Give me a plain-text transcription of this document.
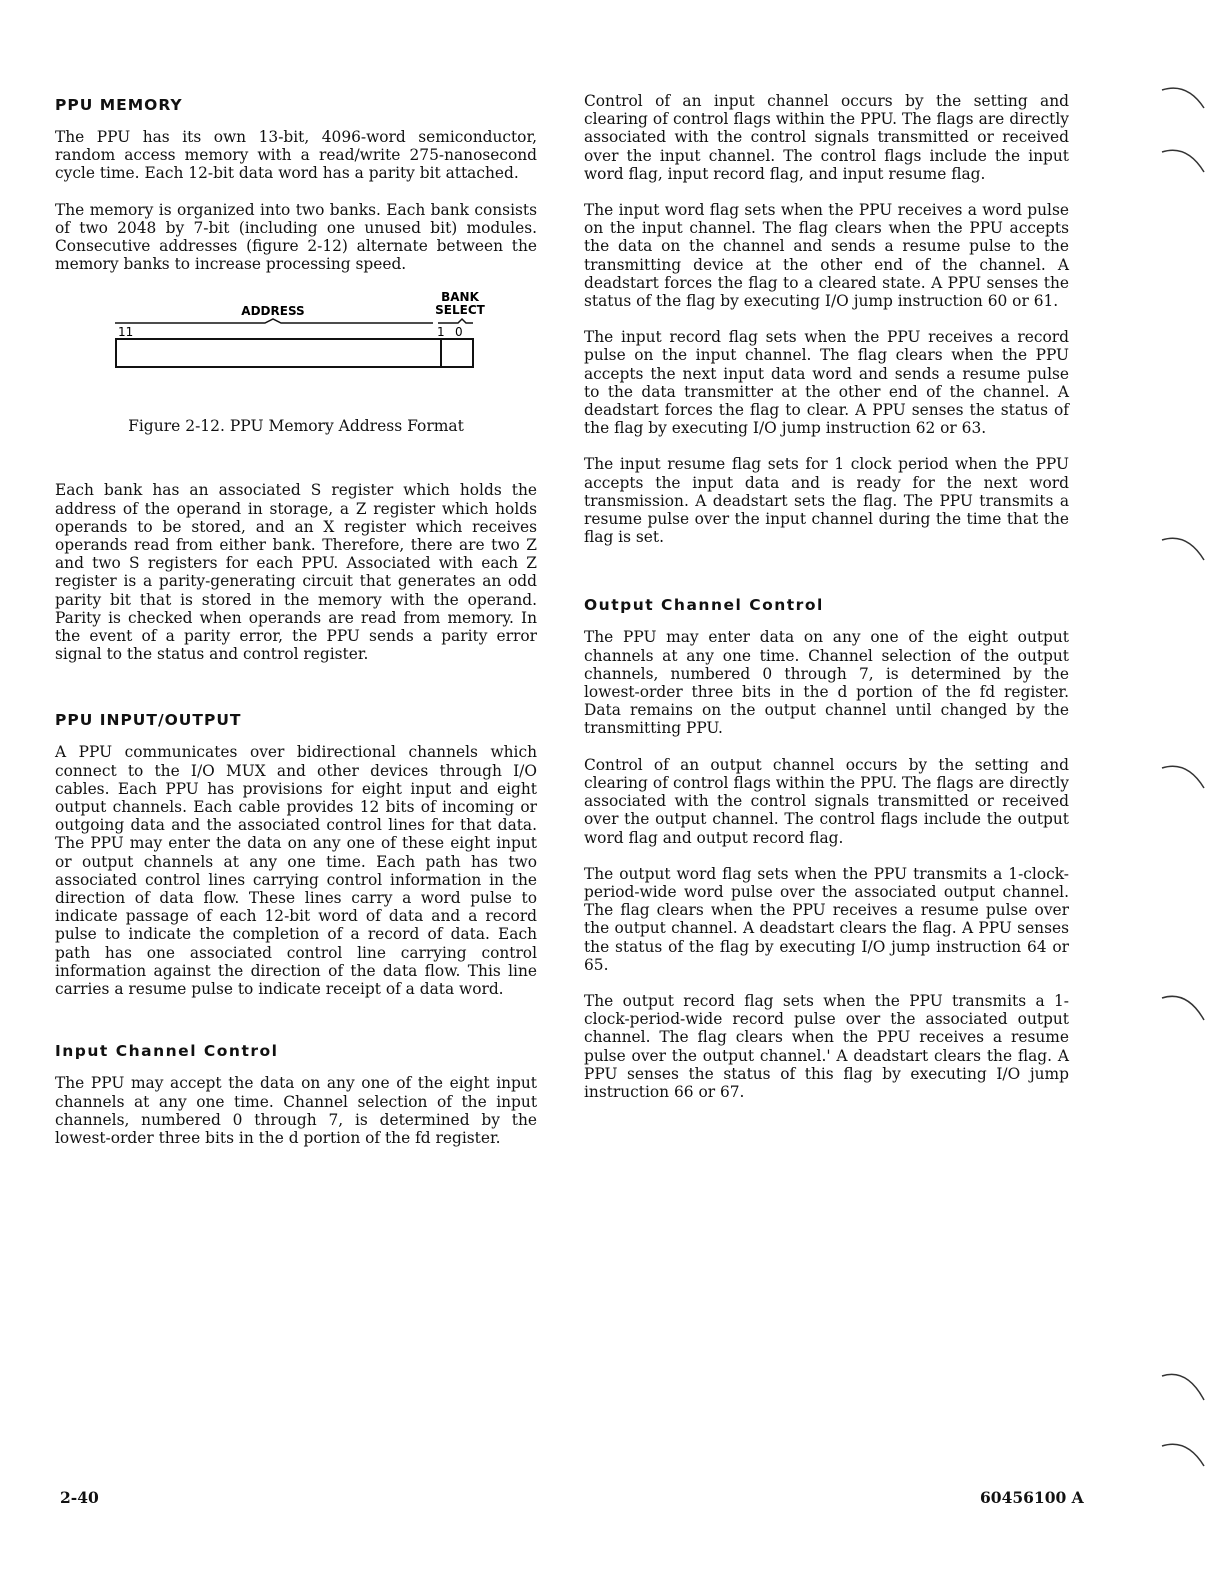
PPU MEMORY

The PPU has its own 13-bit, 4096-word semiconductor, random access memory with a read/write 275-nanosecond cycle time. Each 12-bit data word has a parity bit attached.

The memory is organized into two banks. Each bank consists of two 2048 by 7-bit (including one unused bit) modules. Consecutive addresses (figure 2-12) alternate between the memory banks to increase processing speed.

ADDRESS
BANK
SELECT
11	1 0

Figure 2-12. PPU Memory Address Format

Each bank has an associated S register which holds the address of the operand in storage, a Z register which holds operands to be stored, and an X register which receives operands read from either bank. Therefore, there are two Z and two S registers for each PPU. Associated with each Z register is a parity-generating circuit that generates an odd parity bit that is stored in the memory with the operand. Parity is checked when operands are read from memory. In the event of a parity error, the PPU sends a parity error signal to the status and control register.

PPU INPUT/OUTPUT

A PPU communicates over bidirectional channels which connect to the I/O MUX and other devices through I/O cables. Each PPU has provisions for eight input and eight output channels. Each cable provides 12 bits of incoming or outgoing data and the associated control lines for that data. The PPU may enter the data on any one of these eight input or output channels at any one time. Each path has two associated control lines carrying control information in the direction of data flow. These lines carry a word pulse to indicate passage of each 12-bit word of data and a record pulse to indicate the completion of a record of data. Each path has one associated control line carrying control information against the direction of the data flow. This line carries a resume pulse to indicate receipt of a data word.

Input Channel Control

The PPU may accept the data on any one of the eight input channels at any one time. Channel selection of the input channels, numbered 0 through 7, is determined by the lowest-order three bits in the d portion of the fd register.

Control of an input channel occurs by the setting and clearing of control flags within the PPU. The flags are directly associated with the control signals transmitted or received over the input channel. The control flags include the input word flag, input record flag, and input resume flag.

The input word flag sets when the PPU receives a word pulse on the input channel. The flag clears when the PPU accepts the data on the channel and sends a resume pulse to the transmitting device at the other end of the channel. A deadstart forces the flag to a cleared state. A PPU senses the status of the flag by executing I/O jump instruction 60 or 61.

The input record flag sets when the PPU receives a record pulse on the input channel. The flag clears when the PPU accepts the next input data word and sends a resume pulse to the data transmitter at the other end of the channel. A deadstart forces the flag to clear. A PPU senses the status of the flag by executing I/O jump instruction 62 or 63.

The input resume flag sets for 1 clock period when the PPU accepts the input data and is ready for the next word transmission. A deadstart sets the flag. The PPU transmits a resume pulse over the input channel during the time that the flag is set.

Output Channel Control

The PPU may enter data on any one of the eight output channels at any one time. Channel selection of the output channels, numbered 0 through 7, is determined by the lowest-order three bits in the d portion of the fd register. Data remains on the output channel until changed by the transmitting PPU.

Control of an output channel occurs by the setting and clearing of control flags within the PPU. The flags are directly associated with the control signals transmitted or received over the output channel. The control flags include the output word flag and output record flag.

The output word flag sets when the PPU transmits a 1-clock-period-wide word pulse over the associated output channel. The flag clears when the PPU receives a resume pulse over the output channel. A deadstart clears the flag. A PPU senses the status of the flag by executing I/O jump instruction 64 or 65.

The output record flag sets when the PPU transmits a 1-clock-period-wide record pulse over the associated output channel. The flag clears when the PPU receives a resume pulse over the output channel.' A deadstart clears the flag. A PPU senses the status of this flag by executing I/O jump instruction 66 or 67.

2-40	60456100 A
